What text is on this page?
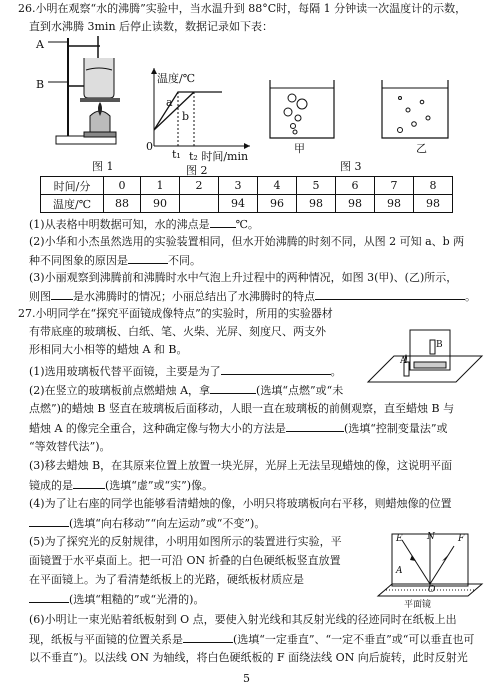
26.小明在观察“水的沸腾”实验中，当水温升到 88°C时，每隔 1 分钟读一次温度计的示数，
直到水沸腾 3min 后停止读数，数据记录如下表：
A
B
图 1
温度/℃
a
b
0
t₁ t₂ 时间/min
图 2
甲	乙
图 3
时间/分	0	1	2	3	4	5	6	7	8
温度/℃	88	90		94	96	98	98	98	98
(1)从表格中明数据可知，水的沸点是 ℃。
(2)小华和小杰虽然选用的实验装置相同，但水开始沸腾的时刻不同，从图 2 可知 a、b 两
种不同图象的原因是	不同。
(3)小丽观察到沸腾前和沸腾时水中气泡上升过程中的两种情况，如图 3(甲)、(乙)所示，
则图 是水沸腾时的情况；小丽总结出了水沸腾时的特点	。
27.小明同学在“探究平面镜成像特点”的实验时，所用的实验器材
有带底座的玻璃板、白纸、笔、火柴、光屏、刻度尺、两支外
形相同大小相等的蜡烛 A 和 B。
A
B
(1)选用玻璃板代替平面镜，主要是为了	。
(2)在竖立的玻璃板前点燃蜡烛 A，拿	(选填“点燃”或“未
点燃”)的蜡烛 B 竖直在玻璃板后面移动，人眼一直在玻璃板的前侧观察，直至蜡烛 B 与
蜡烛 A 的像完全重合，这种确定像与物大小的方法是	(选填“控制变量法”或
“等效替代法”)。
(3)移去蜡烛 B，在其原来位置上放置一块光屏，光屏上无法呈现蜡烛的像，这说明平面
镜成的是	(选填“虚”或“实”)像。
(4)为了让右座的同学也能够看清蜡烛的像，小明只将玻璃板向右平移，则蜡烛像的位置
(选填“向右移动”“向左运动”或“不变”)。
(5)为了探究光的反射规律，小明用如图所示的装置进行实验，平
面镜置于水平桌面上。把一可沿 ON 折叠的白色硬纸板竖直放置
在平面镜上。为了看清楚纸板上的光路，硬纸板材质应是
(选填“粗糙的”或“光滑的)。
E	N	F
A
O
平面镜
(6)小明让一束光贴着纸板射到 O 点，要使入射光线和其反射光线的径迹同时在纸板上出
现，纸板与平面镜的位置关系是	(选填“一定垂直”、“一定不垂直”或“可以垂直也可
以不垂直”)。以法线 ON 为轴线，将白色硬纸板的 F 面绕法线 ON 向后旋转，此时反射光
5
